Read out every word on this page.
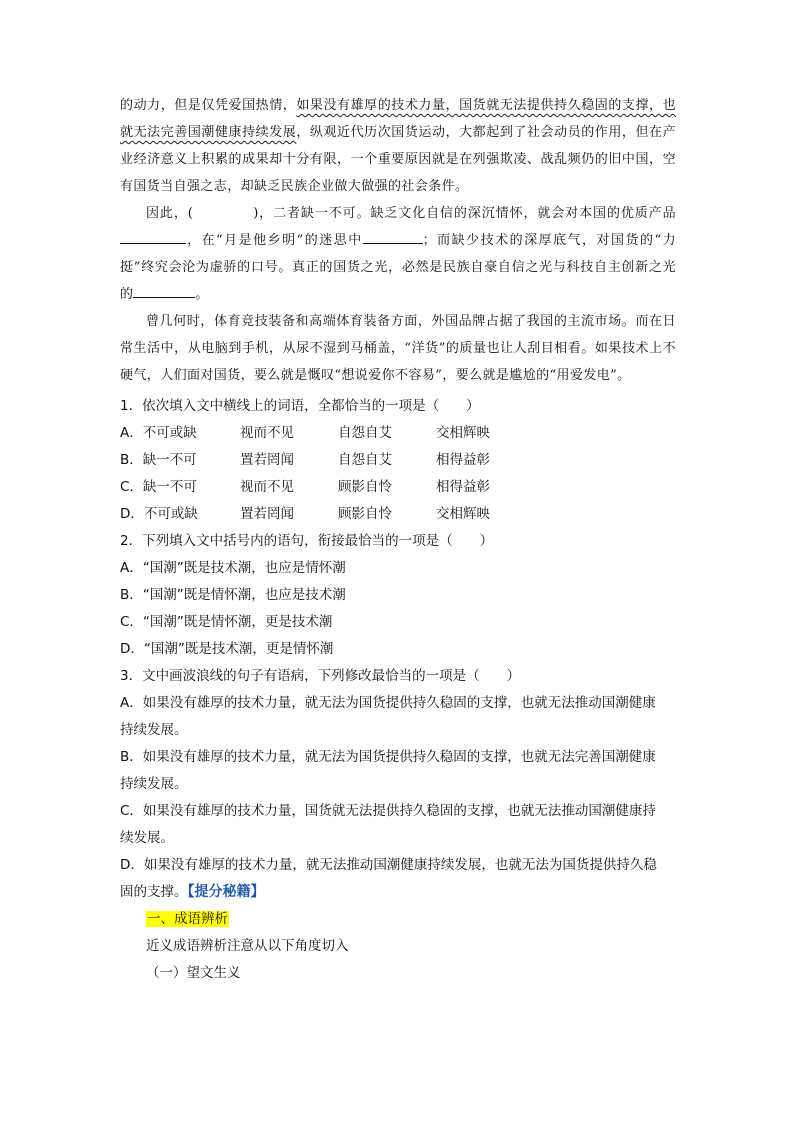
的动力，但是仅凭爱国热情，如果没有雄厚的技术力量，国货就无法提供持久稳固的支撑，也就无法完善国潮健康持续发展，纵观近代历次国货运动，大都起到了社会动员的作用，但在产业经济意义上积累的成果却十分有限，一个重要原因就是在列强欺凌、战乱频仍的旧中国，空有国货当自强之志，却缺乏民族企业做大做强的社会条件。

因此，(	)，二者缺一不可。缺乏文化自信的深沉情怀，就会对本国的优质产品，在“月是他乡明”的迷思中	；而缺少技术的深厚底气，对国货的“力挺”终究会沦为虚骄的口号。真正的国货之光，必然是民族自豪自信之光与科技自主创新之光的	。

曾几何时，体育竞技装备和高端体育装备方面，外国品牌占据了我国的主流市场。而在日常生活中，从电脑到手机，从尿不湿到马桶盖，“洋货”的质量也让人刮目相看。如果技术上不硬气，人们面对国货，要么就是慨叹“想说爱你不容易”，要么就是尴尬的“用爱发电”。

1．依次填入文中横线上的词语，全都恰当的一项是（　　）
A．不可或缺	视而不见	自怨自艾	交相辉映
B．缺一不可	置若罔闻	自怨自艾	相得益彰
C．缺一不可	视而不见	顾影自怜	相得益彰
D．不可或缺	置若罔闻	顾影自怜	交相辉映
2．下列填入文中括号内的语句，衔接最恰当的一项是（　　）
A．“国潮”既是技术潮，也应是情怀潮
B．“国潮”既是情怀潮，也应是技术潮
C．“国潮”既是情怀潮，更是技术潮
D．“国潮”既是技术潮，更是情怀潮
3．文中画波浪线的句子有语病，下列修改最恰当的一项是（　　）
A．如果没有雄厚的技术力量，就无法为国货提供持久稳固的支撑，也就无法推动国潮健康
持续发展。
B．如果没有雄厚的技术力量，就无法为国货提供持久稳固的支撑，也就无法完善国潮健康
持续发展。
C．如果没有雄厚的技术力量，国货就无法提供持久稳固的支撑，也就无法推动国潮健康持
续发展。
D．如果没有雄厚的技术力量，就无法推动国潮健康持续发展，也就无法为国货提供持久稳
固的支撑。【提分秘籍】
一、成语辨析
近义成语辨析注意从以下角度切入
（一）望文生义
